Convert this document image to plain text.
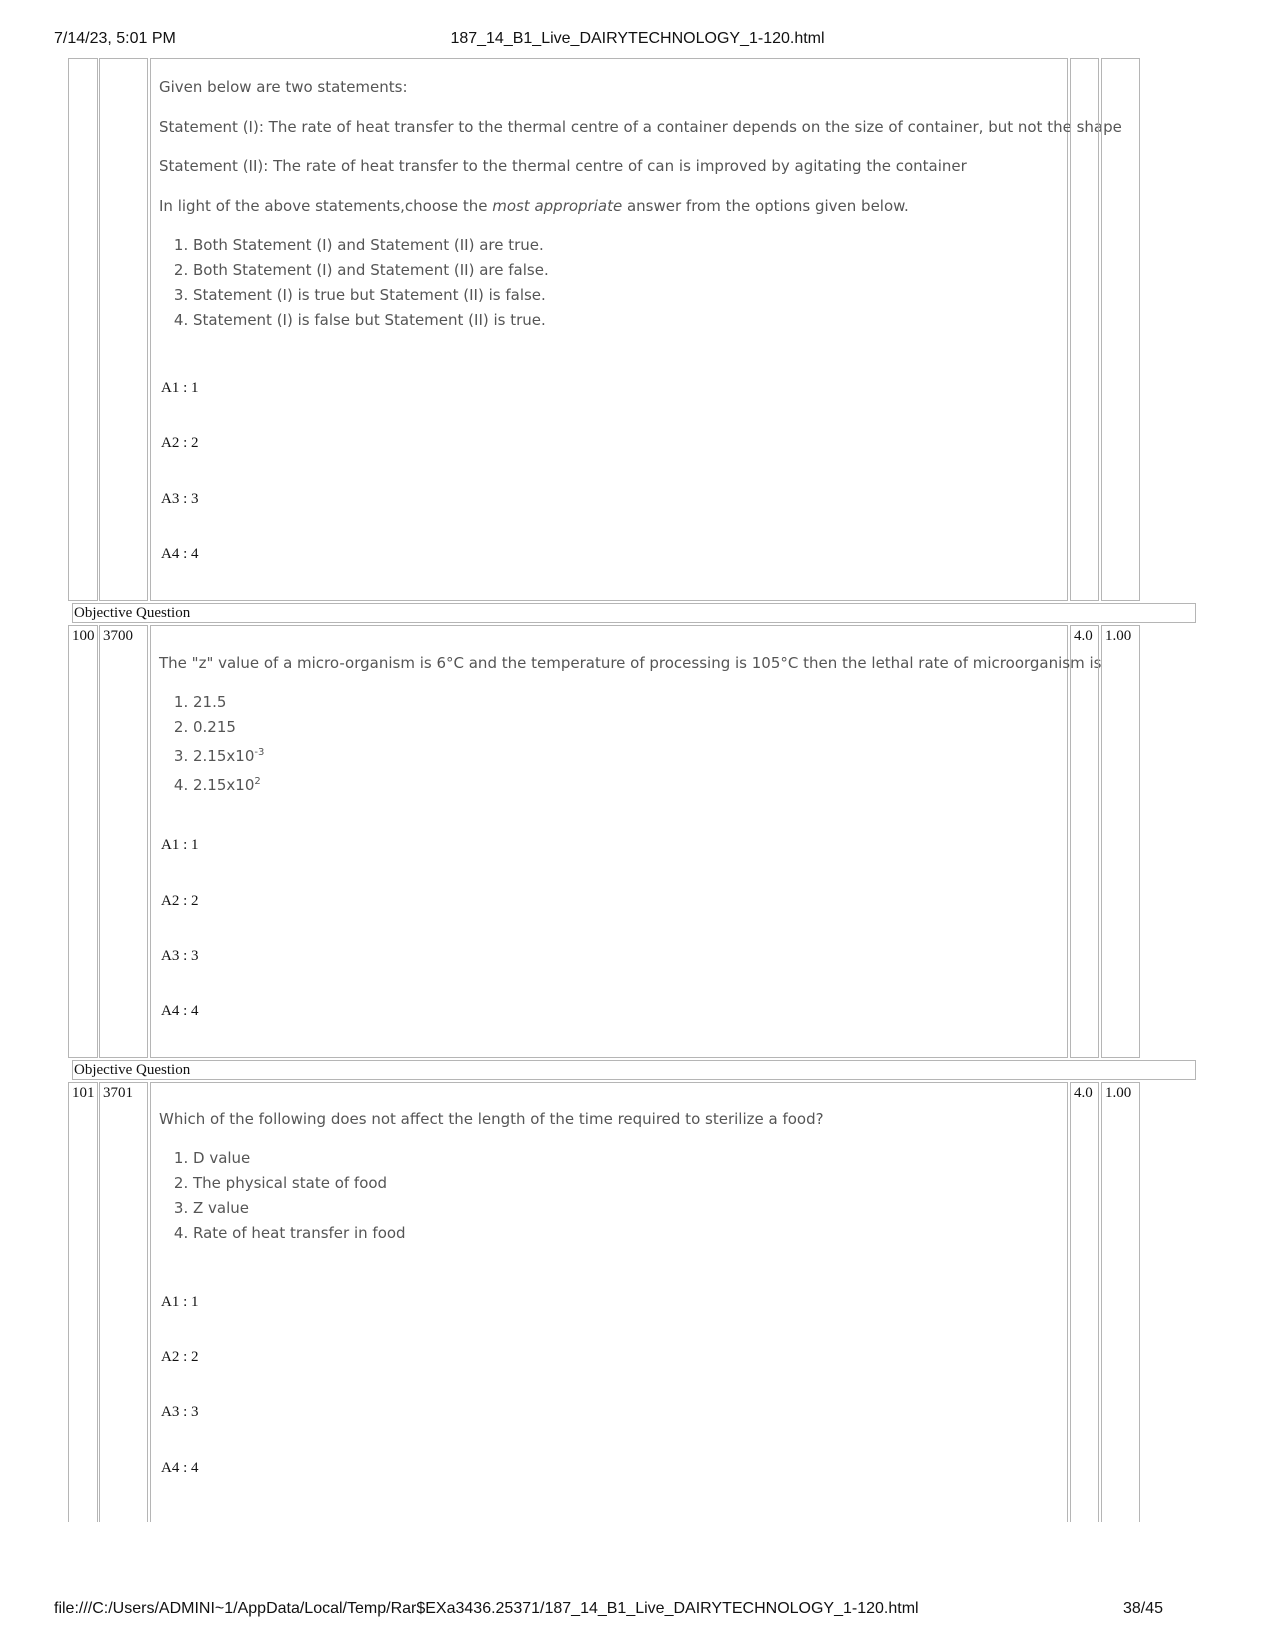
7/14/23, 5:01 PM	187_14_B1_Live_DAIRYTECHNOLOGY_1-120.html

Given below are two statements:

Statement (I): The rate of heat transfer to the thermal centre of a container depends on the size of container, but not the shape

Statement (II): The rate of heat transfer to the thermal centre of can is improved by agitating the container

In light of the above statements,choose the most appropriate answer from the options given below.

1. Both Statement (I) and Statement (II) are true.
2. Both Statement (I) and Statement (II) are false.
3. Statement (I) is true but Statement (II) is false.
4. Statement (I) is false but Statement (II) is true.
A1 : 1
A2 : 2
A3 : 3
A4 : 4
Objective Question
100 3700

The "z" value of a micro-organism is 6°C and the temperature of processing is 105°C then the lethal rate of microorganism is

1. 21.5
2. 0.215
3. $2.15x10^{-3}$
4. $2.15x10^2$
A1 : 1
A2 : 2
A3 : 3
A4 : 4
4.0 1.00
Objective Question
101 3701

Which of the following does not affect the length of the time required to sterilize a food?

1. D value
2. The physical state of food
3. Z value
4. Rate of heat transfer in food
A1 : 1
A2 : 2
A3 : 3
A4 : 4
4.0 1.00
file:///C:/Users/ADMINI~1/AppData/Local/Temp/Rar$EXa3436.25371/187_14_B1_Live_DAIRYTECHNOLOGY_1-120.html	38/45
